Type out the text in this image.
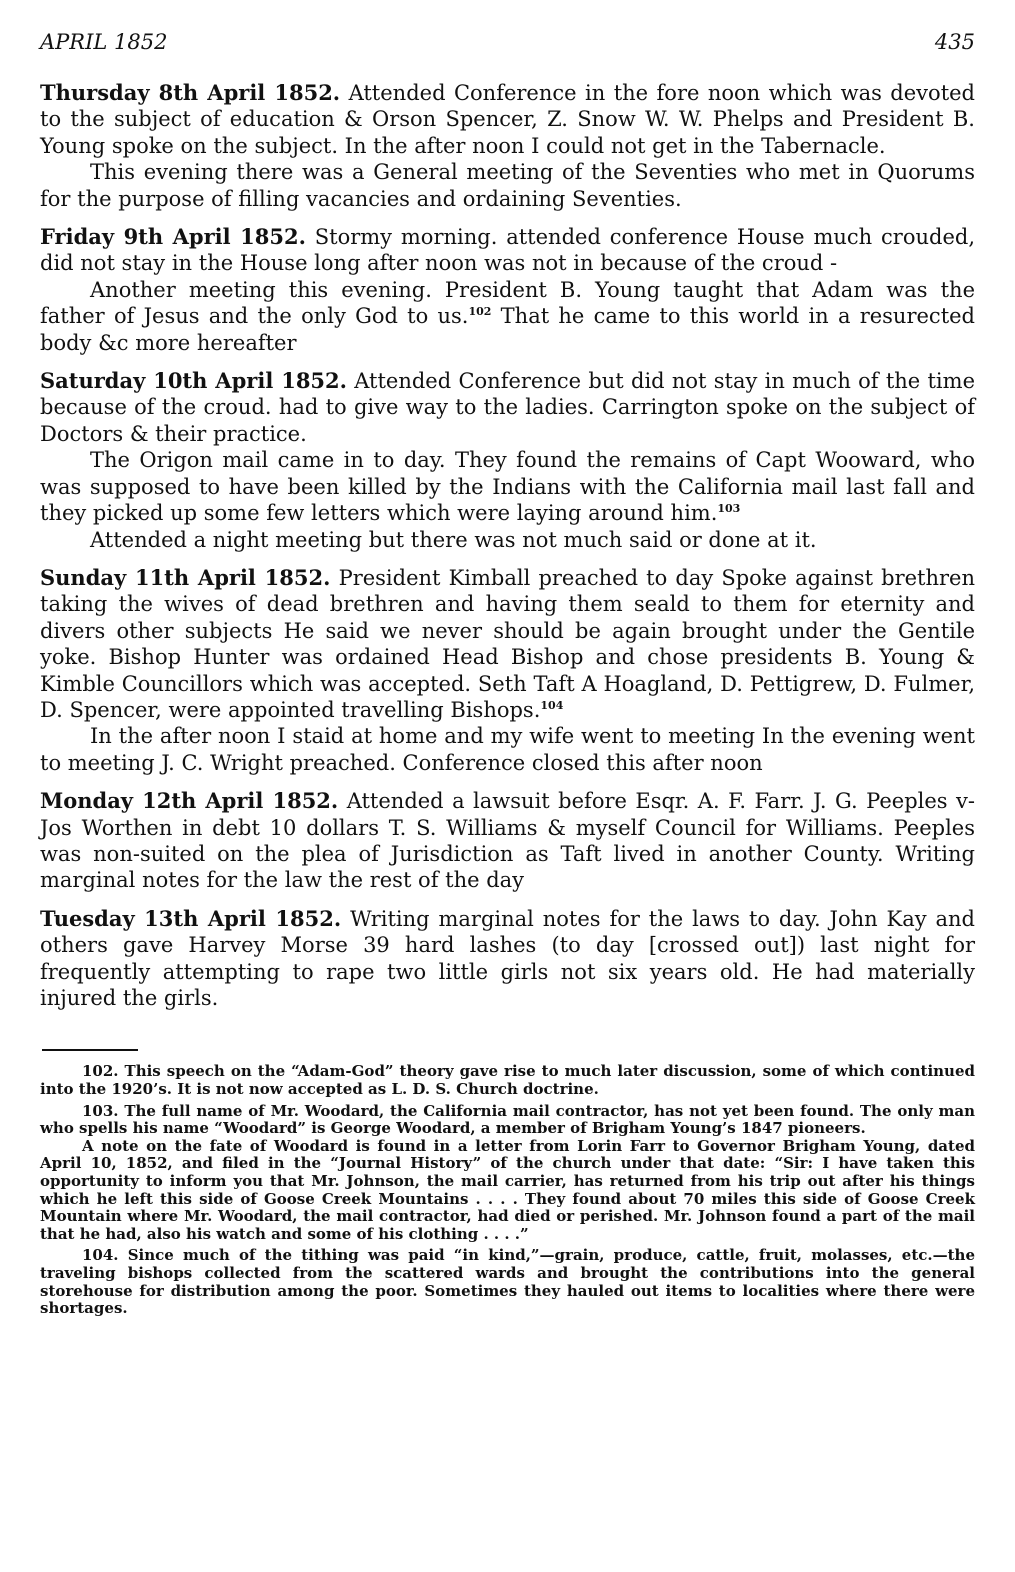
APRIL 1852	435

Thursday 8th April 1852. Attended Conference in the fore noon which was devoted to the subject of education & Orson Spencer, Z. Snow W. W. Phelps and President B. Young spoke on the subject. In the after noon I could not get in the Tabernacle.

This evening there was a General meeting of the Seventies who met in Quorums for the purpose of filling vacancies and ordaining Seventies.

Friday 9th April 1852. Stormy morning. attended conference House much crouded, did not stay in the House long after noon was not in because of the croud -

Another meeting this evening. President B. Young taught that Adam was the father of Jesus and the only God to us.$^{102}$ That he came to this world in a resurected body &c more hereafter

Saturday 10th April 1852. Attended Conference but did not stay in much of the time because of the croud. had to give way to the ladies. Carrington spoke on the subject of Doctors & their practice.

The Origon mail came in to day. They found the remains of Capt Wooward, who was supposed to have been killed by the Indians with the California mail last fall and they picked up some few letters which were laying around him.$^{103}$

Attended a night meeting but there was not much said or done at it.

Sunday 11th April 1852. President Kimball preached to day Spoke against brethren taking the wives of dead brethren and having them seald to them for eternity and divers other subjects He said we never should be again brought under the Gentile yoke. Bishop Hunter was ordained Head Bishop and chose presidents B. Young & Kimble Councillors which was accepted. Seth Taft A Hoagland, D. Pettigrew, D. Fulmer, D. Spencer, were appointed travelling Bishops.$^{104}$

In the after noon I staid at home and my wife went to meeting In the evening went to meeting J. C. Wright preached. Conference closed this after noon

Monday 12th April 1852. Attended a lawsuit before Esqr. A. F. Farr. J. G. Peeples v- Jos Worthen in debt 10 dollars T. S. Williams & myself Council for Williams. Peeples was non-suited on the plea of Jurisdiction as Taft lived in another County. Writing marginal notes for the law the rest of the day

Tuesday 13th April 1852. Writing marginal notes for the laws to day. John Kay and others gave Harvey Morse 39 hard lashes (to day [crossed out]) last night for frequently attempting to rape two little girls not six years old. He had materially injured the girls.

102. This speech on the “Adam-God” theory gave rise to much later discussion, some of which continued into the 1920’s. It is not now accepted as L. D. S. Church doctrine.

103. The full name of Mr. Woodard, the California mail contractor, has not yet been found. The only man who spells his name “Woodard” is George Woodard, a member of Brigham Young’s 1847 pioneers.

A note on the fate of Woodard is found in a letter from Lorin Farr to Governor Brigham Young, dated April 10, 1852, and filed in the “Journal History” of the church under that date: “Sir: I have taken this opportunity to inform you that Mr. Johnson, the mail carrier, has returned from his trip out after his things which he left this side of Goose Creek Mountains . . . . They found about 70 miles this side of Goose Creek Mountain where Mr. Woodard, the mail contractor, had died or perished. Mr. Johnson found a part of the mail that he had, also his watch and some of his clothing . . . .”

104. Since much of the tithing was paid “in kind,”—grain, produce, cattle, fruit, molasses, etc.—the traveling bishops collected from the scattered wards and brought the contributions into the general storehouse for distribution among the poor. Sometimes they hauled out items to localities where there were shortages.
